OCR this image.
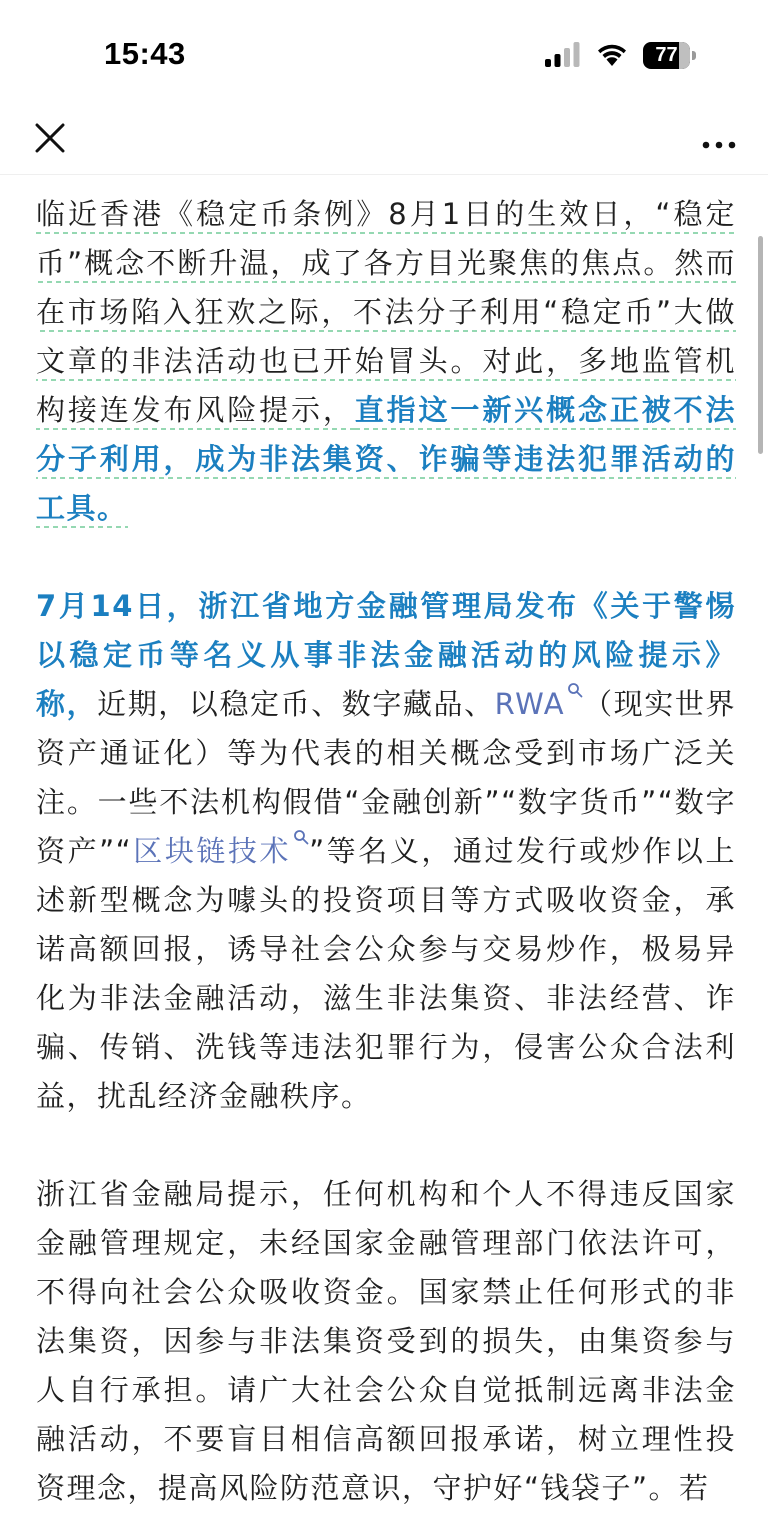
15:43	77

临近香港《稳定币条例》8月1日的生效日，“稳定币”概念不断升温，成了各方目光聚焦的焦点。然而在市场陷入狂欢之际，不法分子利用“稳定币”大做文章的非法活动也已开始冒头。对此，多地监管机构接连发布风险提示，直指这一新兴概念正被不法分子利用，成为非法集资、诈骗等违法犯罪活动的工具。

7月14日，浙江省地方金融管理局发布《关于警惕以稳定币等名义从事非法金融活动的风险提示》称，近期，以稳定币、数字藏品、RWA （现实世界资产通证化）等为代表的相关概念受到市场广泛关注。一些不法机构假借“金融创新”“数字货币”“数字资产”“区块链技术 ”等名义，通过发行或炒作以上述新型概念为噱头的投资项目等方式吸收资金，承诺高额回报，诱导社会公众参与交易炒作，极易异化为非法金融活动，滋生非法集资、非法经营、诈骗、传销、洗钱等违法犯罪行为，侵害公众合法利益，扰乱经济金融秩序。

浙江省金融局提示，任何机构和个人不得违反国家金融管理规定，未经国家金融管理部门依法许可，不得向社会公众吸收资金。国家禁止任何形式的非法集资，因参与非法集资受到的损失，由集资参与人自行承担。请广大社会公众自觉抵制远离非法金融活动，不要盲目相信高额回报承诺，树立理性投资理念，提高风险防范意识，守护好“钱袋子”。若
